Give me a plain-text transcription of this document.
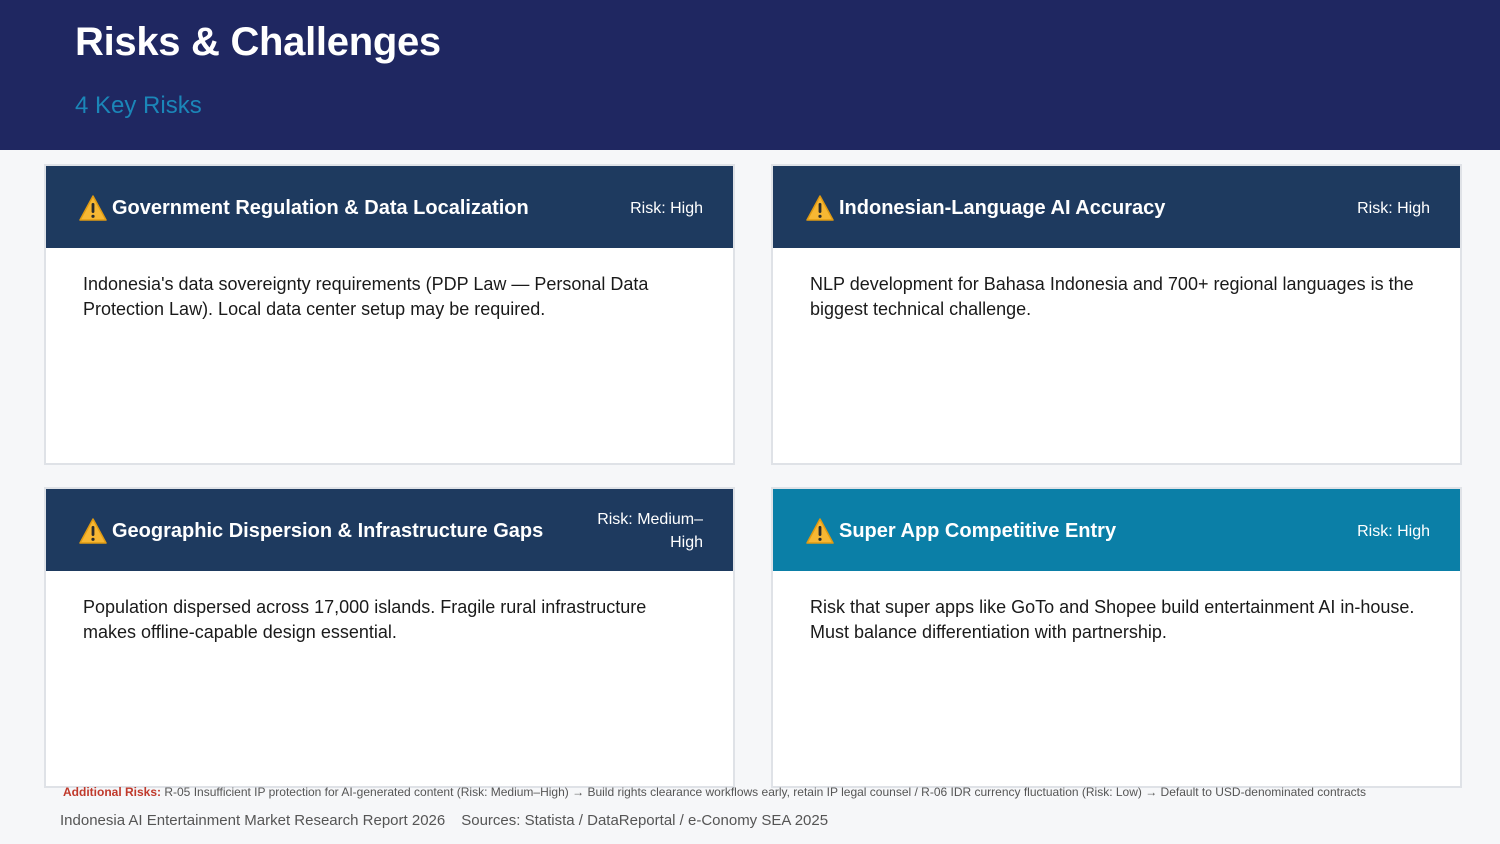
Risks & Challenges
4 Key Risks
Government Regulation & Data Localization	Risk: High
Indonesia's data sovereignty requirements (PDP Law — Personal Data Protection Law). Local data center setup may be required.
Indonesian-Language AI Accuracy	Risk: High
NLP development for Bahasa Indonesia and 700+ regional languages is the biggest technical challenge.
Geographic Dispersion & Infrastructure Gaps
Risk: Medium–High
Population dispersed across 17,000 islands. Fragile rural infrastructure makes offline-capable design essential.
Super App Competitive Entry	Risk: High
Risk that super apps like GoTo and Shopee build entertainment AI in-house. Must balance differentiation with partnership.
Additional Risks: R-05 Insufficient IP protection for AI-generated content (Risk: Medium–High) → Build rights clearance workflows early, retain IP legal counsel / R-06 IDR currency fluctuation (Risk: Low) → Default to USD-denominated contracts
Indonesia AI Entertainment Market Research Report 2026 Sources: Statista / DataReportal / e-Conomy SEA 2025
